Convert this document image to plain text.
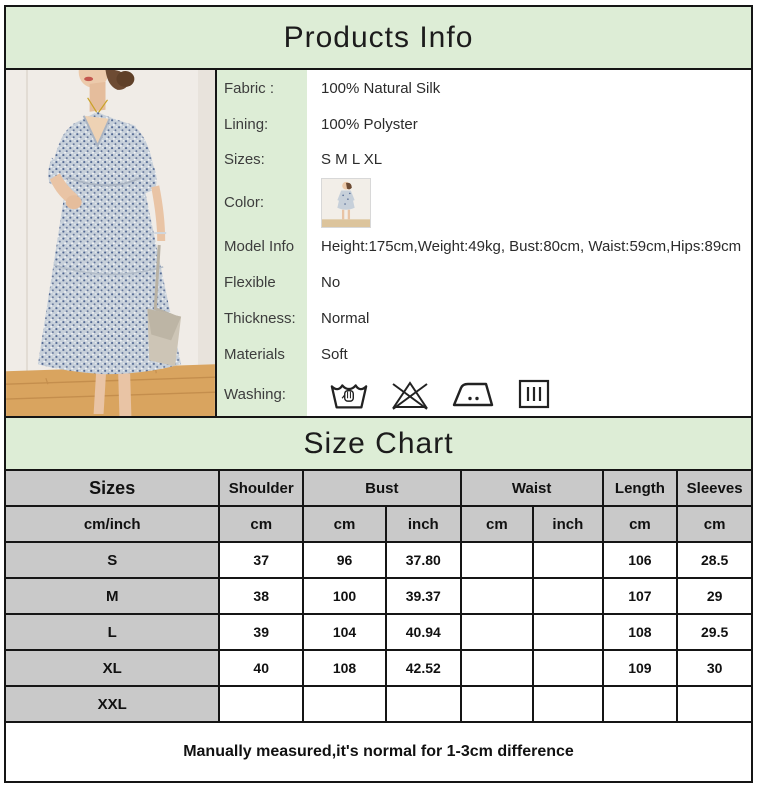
Products Info
Fabric :	100% Natural Silk
Lining:	100% Polyster
Sizes:	S M L XL
Color:
Model Info	Height:175cm,Weight:49kg, Bust:80cm, Waist:59cm,Hips:89cm
Flexible	No
Thickness:	Normal
Materials	Soft
Washing:
Size Chart
Sizes	Shoulder	Bust		Waist		Length	Sleeves
cm/inch	cm	cm	inch	cm	inch	cm	cm
S	37	96	37.80			106	28.5
M	38	100	39.37			107	29
L	39	104	40.94			108	29.5
XL	40	108	42.52			109	30
XXL							
Manually measured,it's normal for 1-3cm difference
